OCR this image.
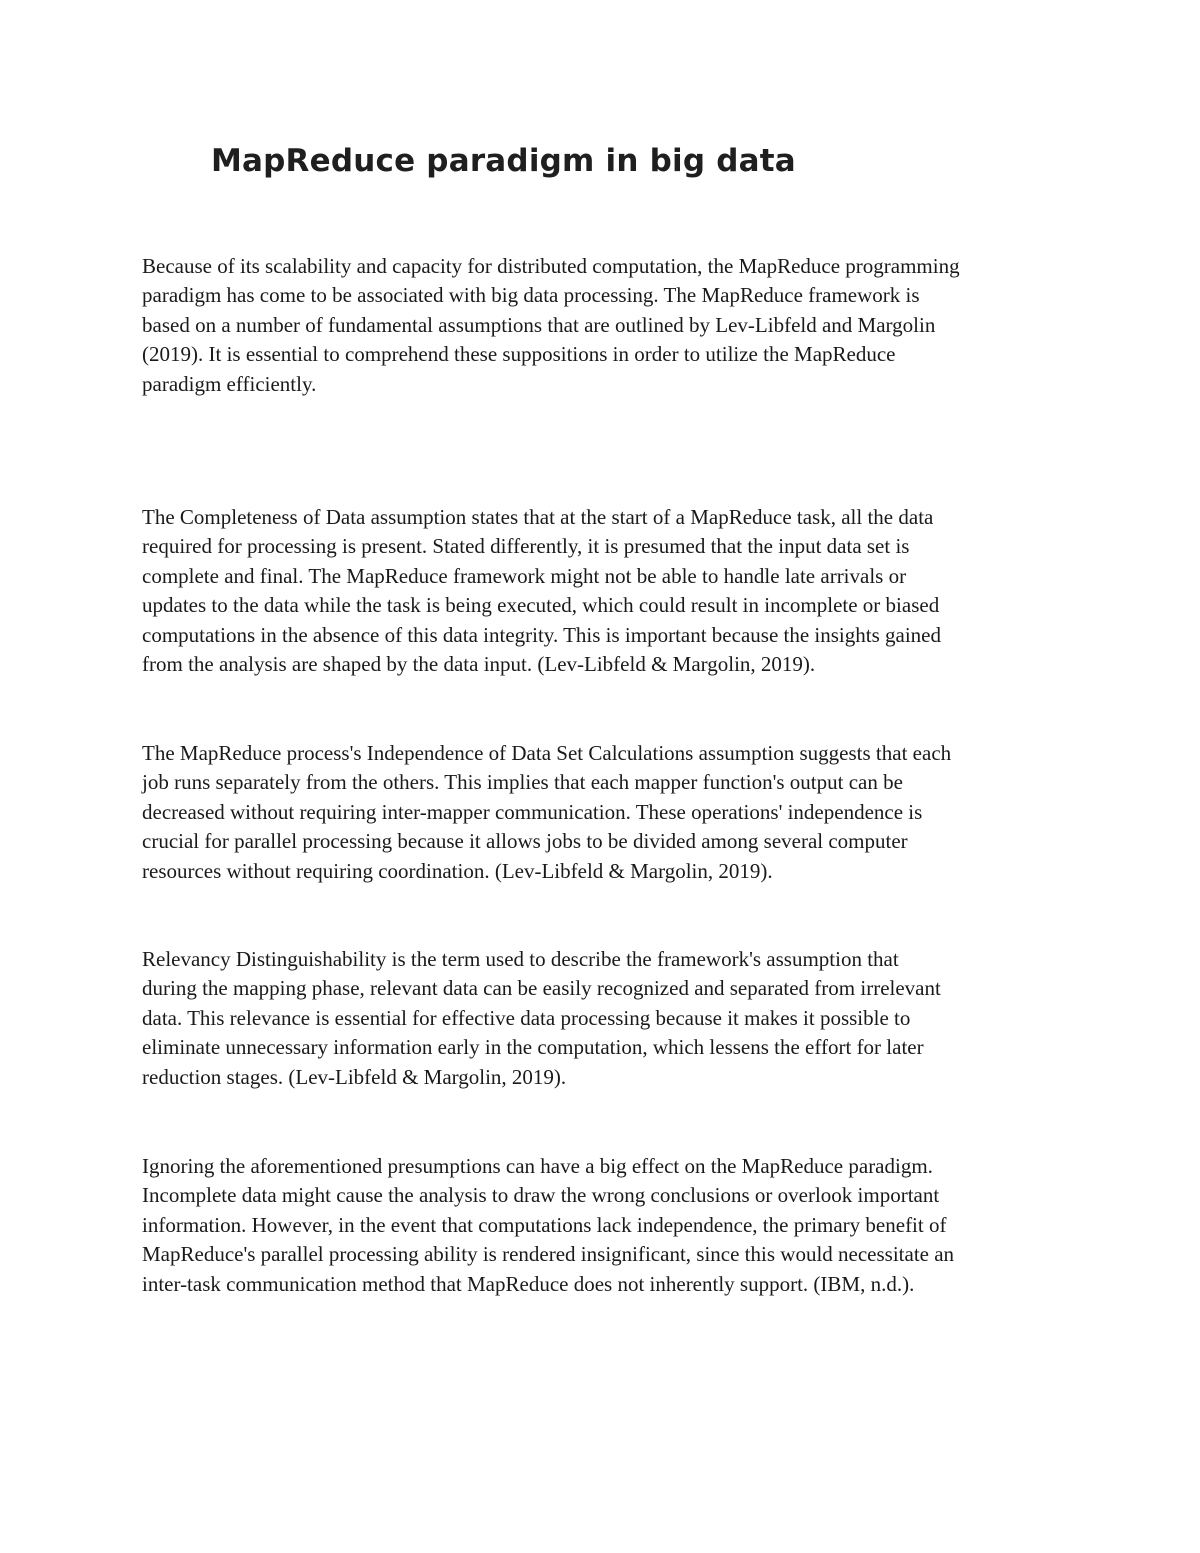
MapReduce paradigm in big data

Because of its scalability and capacity for distributed computation, the MapReduce programming
paradigm has come to be associated with big data processing. The MapReduce framework is
based on a number of fundamental assumptions that are outlined by Lev-Libfeld and Margolin
(2019). It is essential to comprehend these suppositions in order to utilize the MapReduce
paradigm efficiently.

The Completeness of Data assumption states that at the start of a MapReduce task, all the data
required for processing is present. Stated differently, it is presumed that the input data set is
complete and final. The MapReduce framework might not be able to handle late arrivals or
updates to the data while the task is being executed, which could result in incomplete or biased
computations in the absence of this data integrity. This is important because the insights gained
from the analysis are shaped by the data input. (Lev-Libfeld & Margolin, 2019).

The MapReduce process's Independence of Data Set Calculations assumption suggests that each
job runs separately from the others. This implies that each mapper function's output can be
decreased without requiring inter-mapper communication. These operations' independence is
crucial for parallel processing because it allows jobs to be divided among several computer
resources without requiring coordination. (Lev-Libfeld & Margolin, 2019).

Relevancy Distinguishability is the term used to describe the framework's assumption that
during the mapping phase, relevant data can be easily recognized and separated from irrelevant
data. This relevance is essential for effective data processing because it makes it possible to
eliminate unnecessary information early in the computation, which lessens the effort for later
reduction stages. (Lev-Libfeld & Margolin, 2019).

Ignoring the aforementioned presumptions can have a big effect on the MapReduce paradigm.
Incomplete data might cause the analysis to draw the wrong conclusions or overlook important
information. However, in the event that computations lack independence, the primary benefit of
MapReduce's parallel processing ability is rendered insignificant, since this would necessitate an
inter-task communication method that MapReduce does not inherently support. (IBM, n.d.).
